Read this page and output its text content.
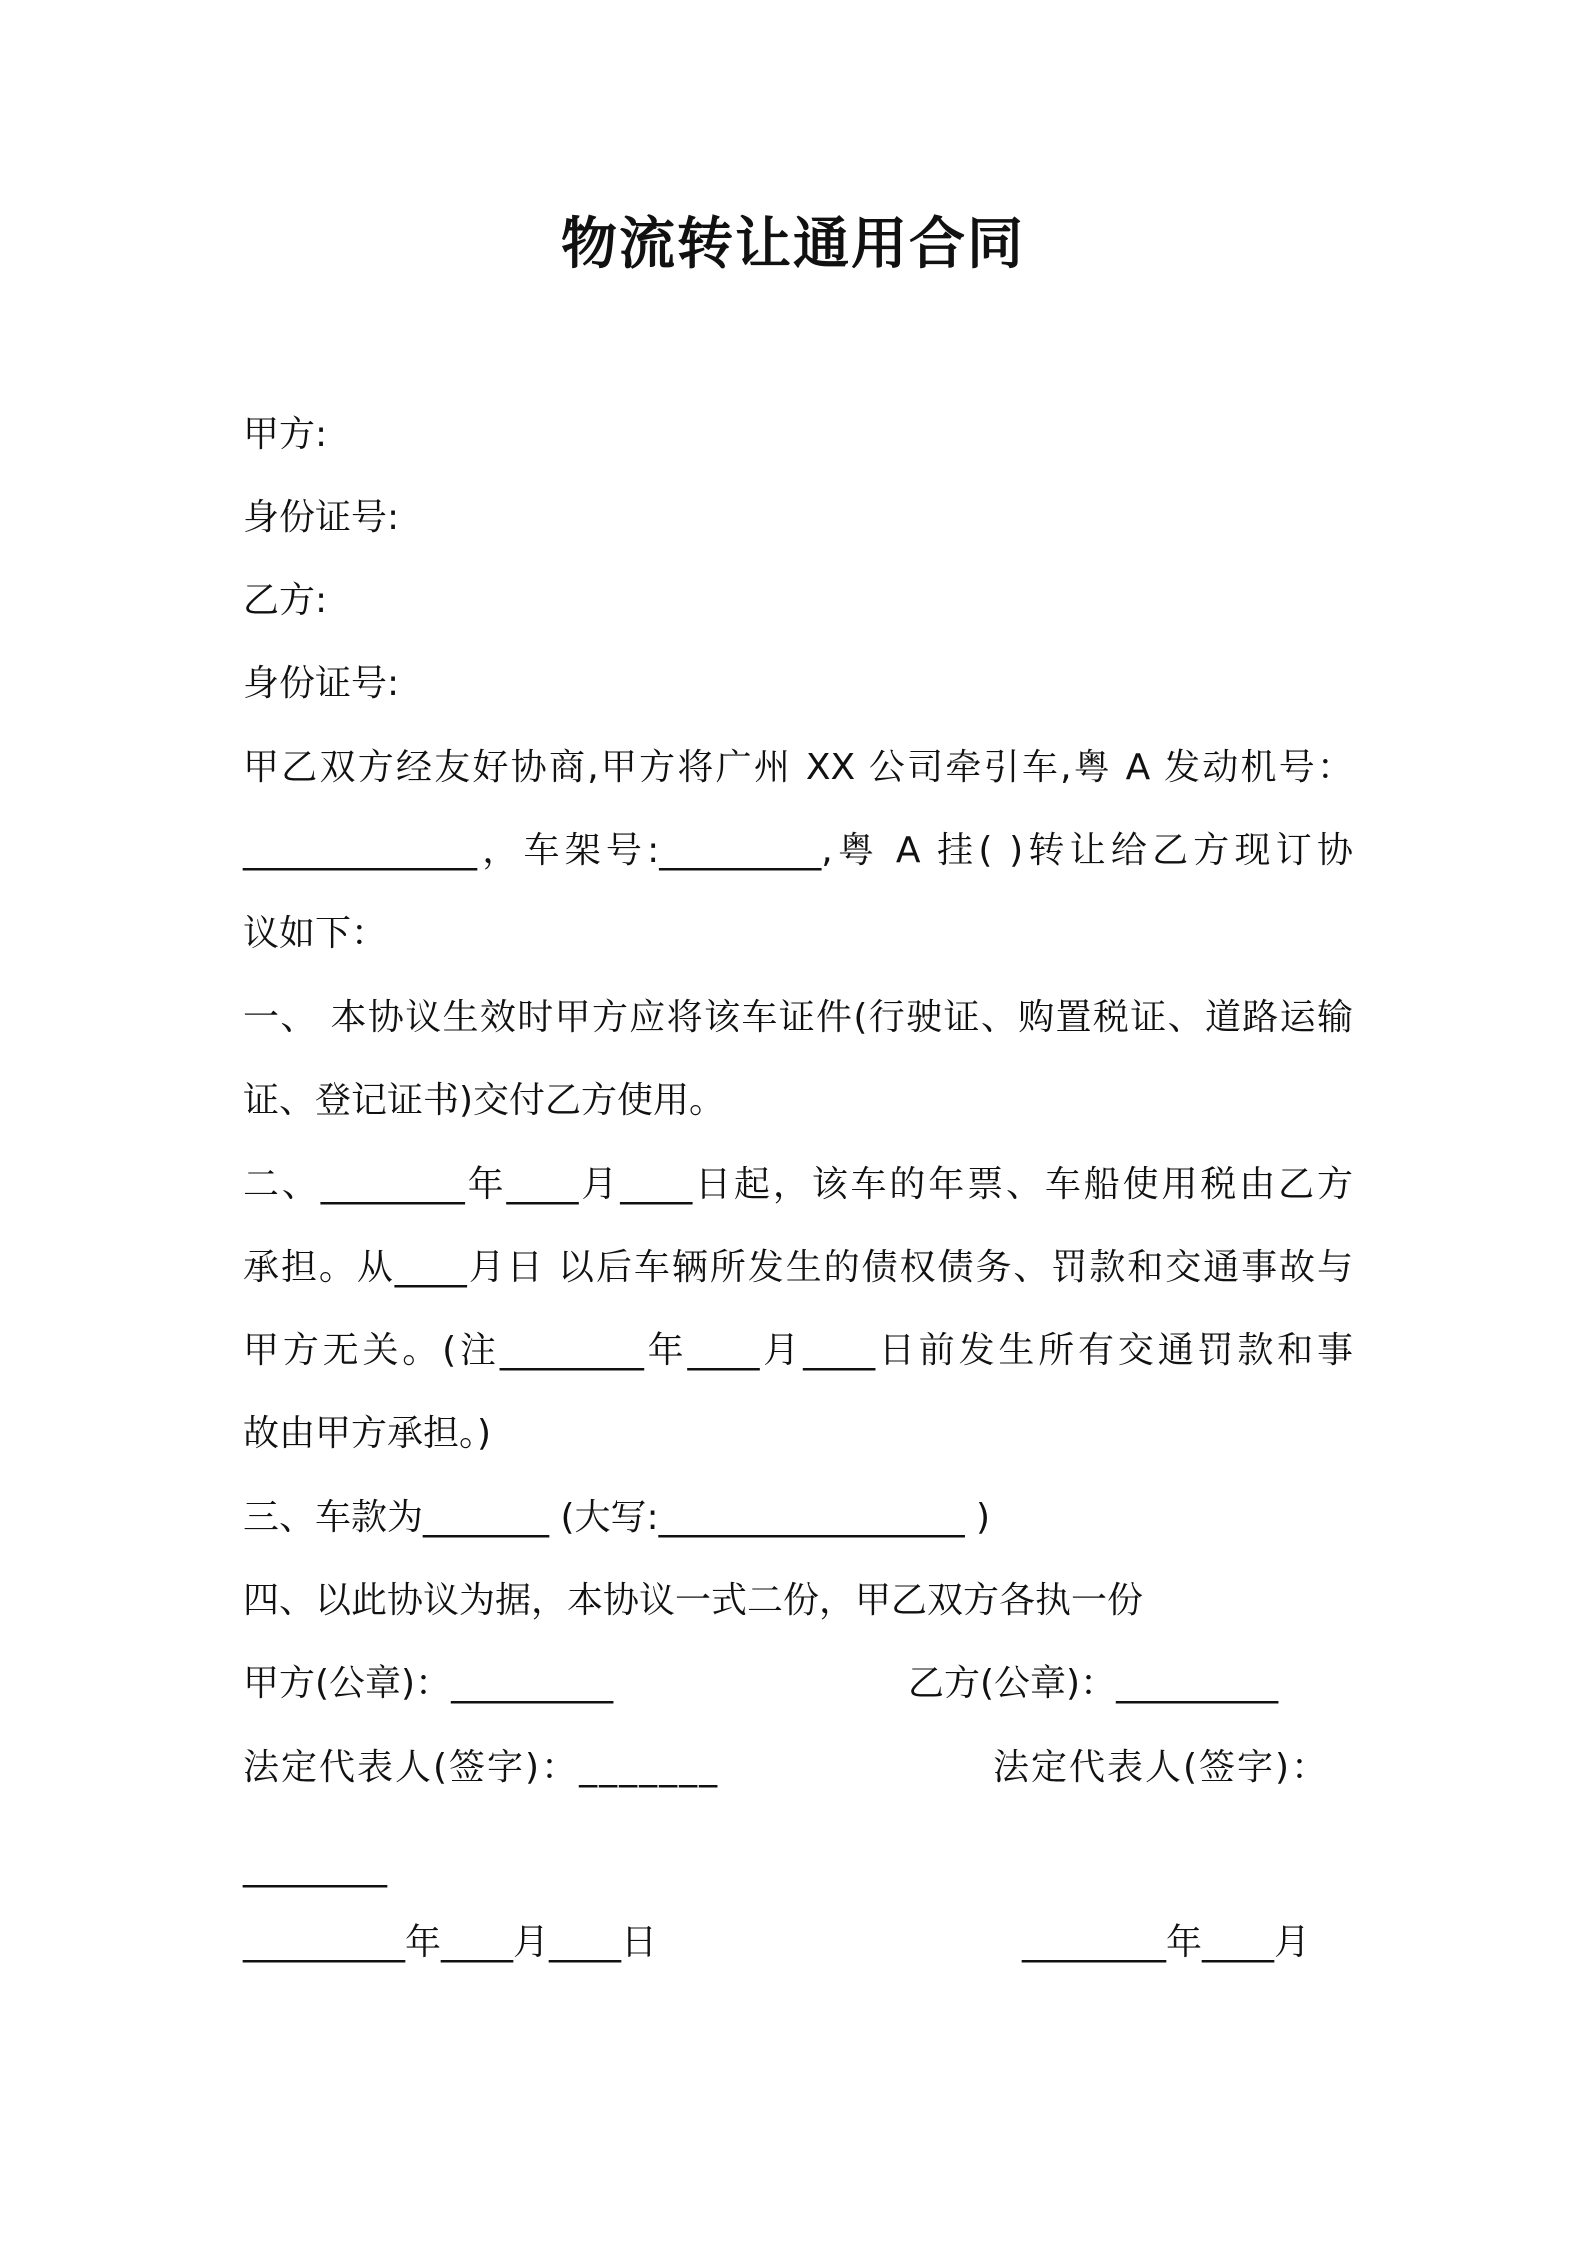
物流转让通用合同

甲方:

身份证号:

乙方:

身份证号:

甲乙双方经友好协商,甲方将广州 XX 公司牵引车,粤 A 发动机号：

_____________，车架号:_________,粤 A 挂( )转让给乙方现订协

议如下：

一、 本协议生效时甲方应将该车证件(行驶证、购置税证、道路运输

证、登记证书)交付乙方使用。

二、________年____月____日起，该车的年票、车船使用税由乙方

承担。从____月日 以后车辆所发生的债权债务、罚款和交通事故与

甲方无关。(注________年____月____日前发生所有交通罚款和事

故由甲方承担。)

三、车款为_______ (大写:_________________ )

四、以此协议为据，本协议一式二份，甲乙双方各执一份

甲方(公章)：_________	乙方(公章)：_________
法定代表人(签字)：_______	法定代表人(签字)：
________
_________年____月____日	________年____月
